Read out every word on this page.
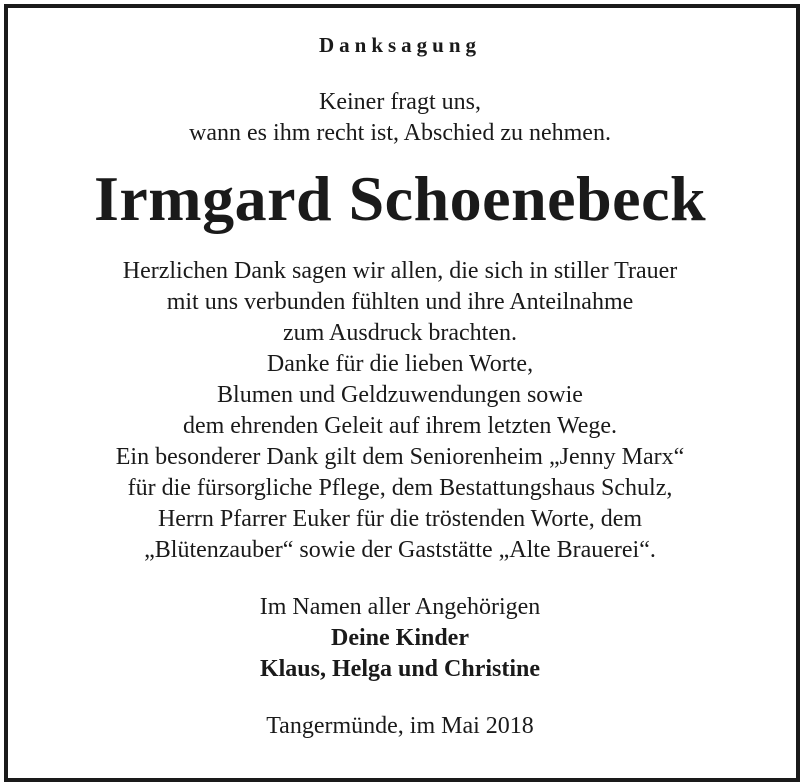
Danksagung
Keiner fragt uns,
wann es ihm recht ist, Abschied zu nehmen.
Irmgard Schoenebeck
Herzlichen Dank sagen wir allen, die sich in stiller Trauer
mit uns verbunden fühlten und ihre Anteilnahme
zum Ausdruck brachten.
Danke für die lieben Worte,
Blumen und Geldzuwendungen sowie
dem ehrenden Geleit auf ihrem letzten Wege.
Ein besonderer Dank gilt dem Seniorenheim „Jenny Marx“
für die fürsorgliche Pflege, dem Bestattungshaus Schulz,
Herrn Pfarrer Euker für die tröstenden Worte, dem
„Blütenzauber“ sowie der Gaststätte „Alte Brauerei“.
Im Namen aller Angehörigen
Deine Kinder
Klaus, Helga und Christine
Tangermünde, im Mai 2018
